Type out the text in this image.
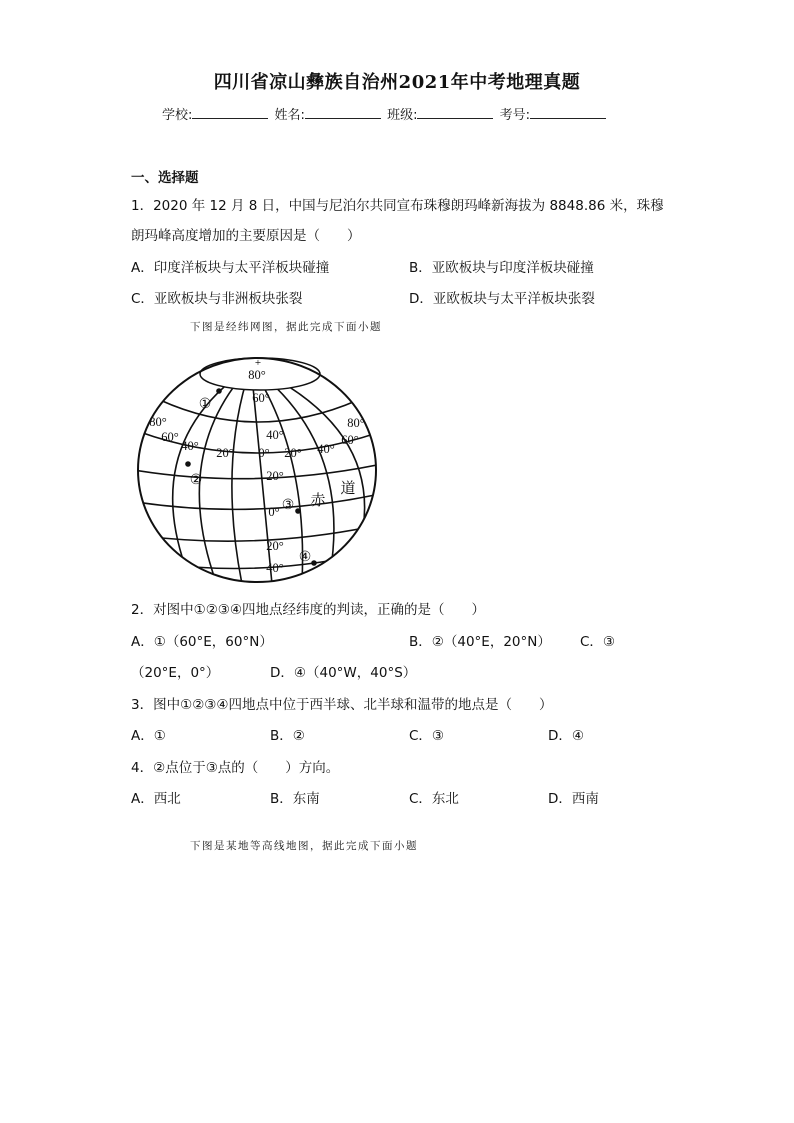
四川省凉山彝族自治州2021年中考地理真题
学校:	姓名:	班级:	考号:
一、选择题
1．2020 年 12 月 8 日，中国与尼泊尔共同宣布珠穆朗玛峰新海拔为 8848.86 米，珠穆
朗玛峰高度增加的主要原因是（　　）
A．印度洋板块与太平洋板块碰撞	B．亚欧板块与印度洋板块碰撞
C．亚欧板块与非洲板块张裂	D．亚欧板块与太平洋板块张裂
下图是经纬网图，据此完成下面小题
+
80°
60°
40°
20°
0°
20°
40°
80°
60°
40°
80°
60°
40°
20° 0° 20°
①
②
③
④
赤
道
2．对图中①②③④四地点经纬度的判读，正确的是（　　）
A．①（60°E，60°N）	B．②（40°E，20°N） C．③
（20°E，0°）	D．④（40°W，40°S）
3．图中①②③④四地点中位于西半球、北半球和温带的地点是（　　）
A．①	B．②	C．③	D．④
4．②点位于③点的（　　）方向。
A．西北	B．东南	C．东北	D．西南
下图是某地等高线地图，据此完成下面小题
